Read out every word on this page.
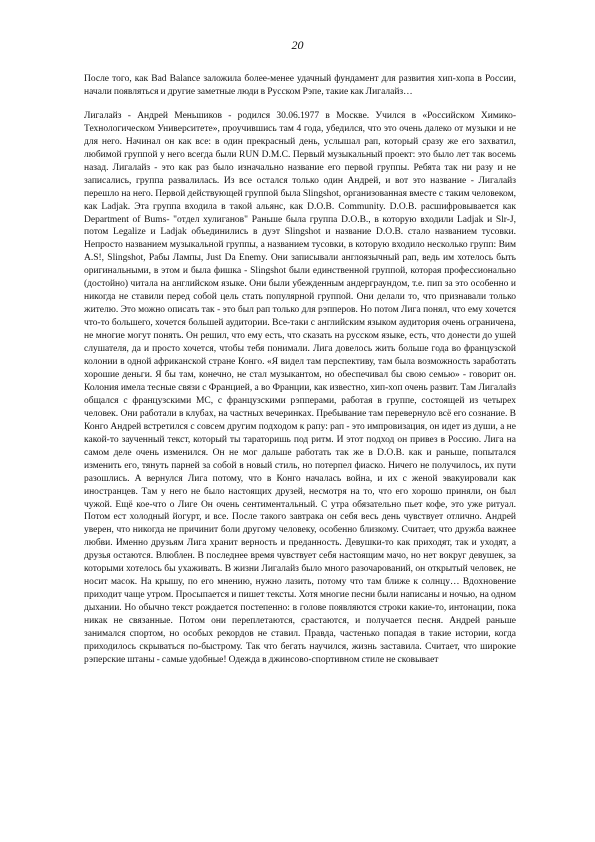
20

После того, как Bad Balance заложила более-менее удачный фундамент для развития хип-хопа в России, начали появляться и другие заметные люди в Русском Рэпе, такие как Лигалайз…

Лигалайз - Андрей Меньшиков - родился 30.06.1977 в Москве. Учился в «Российском Химико-Технологическом Университете», проучившись там 4 года, убедился, что это очень далеко от музыки и не для него. Начинал он как все: в один прекрасный день, услышал рап, который сразу же его захватил, любимой группой у него всегда были RUN D.M.C. Первый музыкальный проект: это было лет так восемь назад. Лигалайз - это как раз было изначально название его первой группы. Ребята так ни разу и не записались, группа развалилась. Из все остался только один Андрей, и вот это название - Лигалайз перешло на него. Первой действующей группой была Slingshot, организованная вместе с таким человеком, как Ladjak. Эта группа входила в такой альянс, как D.O.B. Community. D.O.B. расшифровывается как Department of Bums- "отдел хулиганов" Раньше была группа D.O.B., в которую входили Ladjak и Slr-J, потом Legalize и Ladjak объединились в дуэт Slingshot и название D.O.B. стало названием тусовки. Непросто названием музыкальной группы, а названием тусовки, в которую входило несколько групп: Вим A.S!, Slingshot, Рабы Лампы, Just Da Enemy. Они записывали англоязычный рап, ведь им хотелось быть оригинальными, в этом и была фишка - Slingshot были единственной группой, которая профессионально (достойно) читала на английском языке. Они были убежденным андерграундом, т.е. пип за это особенно и никогда не ставили перед собой цель стать популярной группой. Они делали то, что признавали только жителю. Это можно описать так - это был рап только для рэпперов. Но потом Лига понял, что ему хочется что-то большего, хочется большей аудитории. Все-таки с английским языком аудитория очень ограничена, не многие могут понять. Он решил, что ему есть, что сказать на русском языке, есть, что донести до ушей слушателя, да и просто хочется, чтобы тебя понимали. Лига довелось жить больше года во французской колонии в одной африканской стране Конго. «Я видел там перспективу, там была возможность заработать хорошие деньги. Я бы там, конечно, не стал музыкантом, но обеспечивал бы свою семью» - говорит он. Колония имела тесные связи с Францией, а во Франции, как известно, хип-хоп очень развит. Там Лигалайз общался с французскими МС, с французскими рэпперами, работая в группе, состоящей из четырех человек. Они работали в клубах, на частных вечеринках. Пребывание там перевернуло всё его сознание. В Конго Андрей встретился с совсем другим подходом к рапу: рап - это импровизация, он идет из души, а не какой-то заученный текст, который ты тараторишь под ритм. И этот подход он привез в Россию. Лига на самом деле очень изменился. Он не мог дальше работать так же в D.O.B. как и раньше, попытался изменить его, тянуть парней за собой в новый стиль, но потерпел фиаско. Ничего не получилось, их пути разошлись. А вернулся Лига потому, что в Конго началась война, и их с женой эвакуировали как иностранцев. Там у него не было настоящих друзей, несмотря на то, что его хорошо приняли, он был чужой. Ещё кое-что о Лиге Он очень сентиментальный. С утра обязательно пьет кофе, это уже ритуал. Потом ест холодный йогурт, и все. После такого завтрака он себя весь день чувствует отлично. Андрей уверен, что никогда не причинит боли другому человеку, особенно близкому. Считает, что дружба важнее любви. Именно друзьям Лига хранит верность и преданность. Девушки-то как приходят, так и уходят, а друзья остаются. Влюблен. В последнее время чувствует себя настоящим мачо, но нет вокруг девушек, за которыми хотелось бы ухаживать. В жизни Лигалайз было много разочарований, он открытый человек, не носит масок. На крышу, по его мнению, нужно лазить, потому что там ближе к солнцу… Вдохновение приходит чаще утром. Просыпается и пишет тексты. Хотя многие песни были написаны и ночью, на одном дыхании. Но обычно текст рождается постепенно: в голове появляются строки какие-то, интонации, пока никак не связанные. Потом они переплетаются, срастаются, и получается песня. Андрей раньше занимался спортом, но особых рекордов не ставил. Правда, частенько попадая в такие истории, когда приходилось скрываться по-быстрому. Так что бегать научился, жизнь заставила. Считает, что широкие рэперские штаны - самые удобные! Одежда в джинсово-спортивном стиле не сковывает
